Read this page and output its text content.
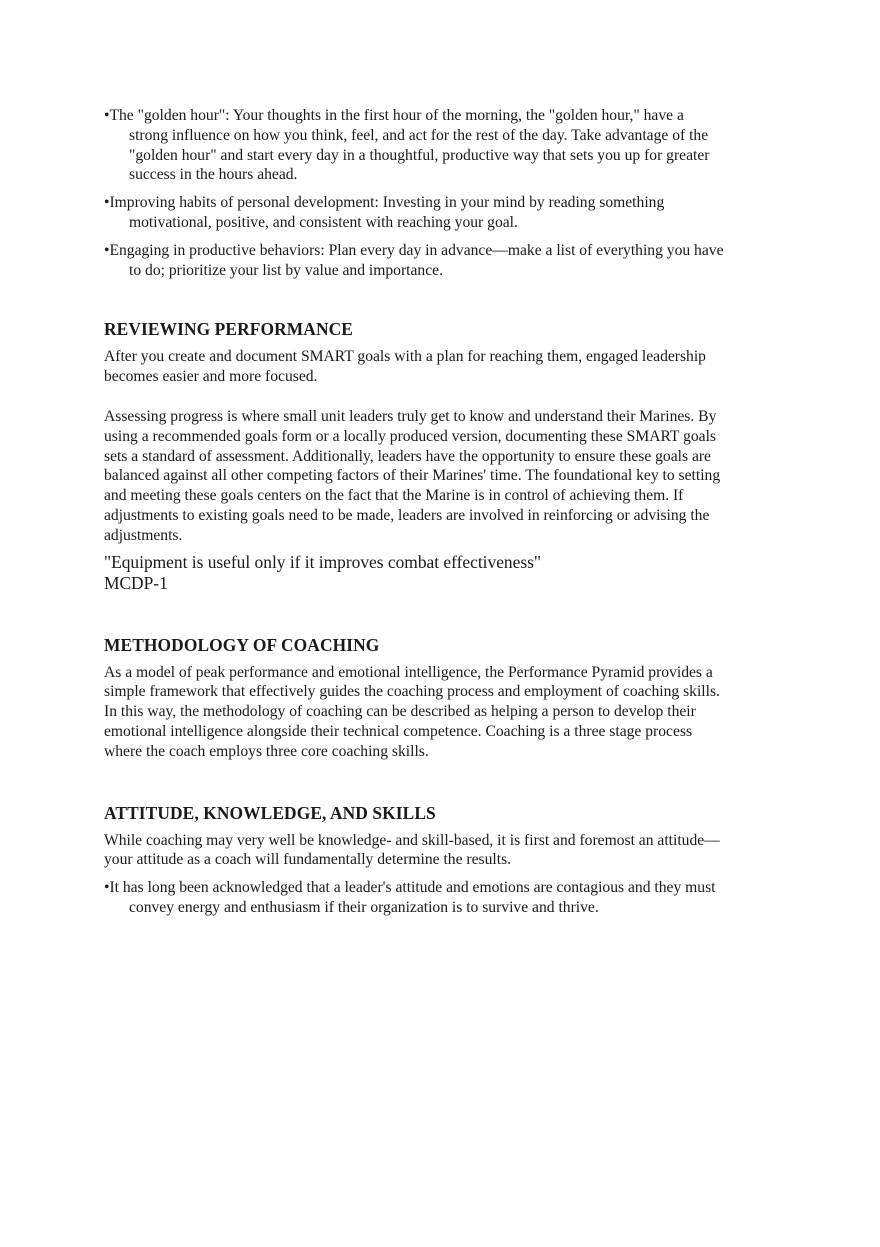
•The "golden hour": Your thoughts in the first hour of the morning, the "golden hour," have a strong influence on how you think, feel, and act for the rest of the day. Take advantage of the "golden hour" and start every day in a thoughtful, productive way that sets you up for greater success in the hours ahead.

•Improving habits of personal development: Investing in your mind by reading something motivational, positive, and consistent with reaching your goal.

•Engaging in productive behaviors: Plan every day in advance—make a list of everything you have to do; prioritize your list by value and importance.

REVIEWING PERFORMANCE

After you create and document SMART goals with a plan for reaching them, engaged leadership becomes easier and more focused.

Assessing progress is where small unit leaders truly get to know and understand their Marines. By using a recommended goals form or a locally produced version, documenting these SMART goals sets a standard of assessment. Additionally, leaders have the opportunity to ensure these goals are balanced against all other competing factors of their Marines' time. The foundational key to setting and meeting these goals centers on the fact that the Marine is in control of achieving them. If adjustments to existing goals need to be made, leaders are involved in reinforcing or advising the adjustments.

"Equipment is useful only if it improves combat effectiveness"

MCDP-1

METHODOLOGY OF COACHING

As a model of peak performance and emotional intelligence, the Performance Pyramid provides a simple framework that effectively guides the coaching process and employment of coaching skills. In this way, the methodology of coaching can be described as helping a person to develop their emotional intelligence alongside their technical competence. Coaching is a three stage process where the coach employs three core coaching skills.

ATTITUDE, KNOWLEDGE, AND SKILLS

While coaching may very well be knowledge- and skill-based, it is first and foremost an attitude—your attitude as a coach will fundamentally determine the results.

•It has long been acknowledged that a leader's attitude and emotions are contagious and they must convey energy and enthusiasm if their organization is to survive and thrive.
